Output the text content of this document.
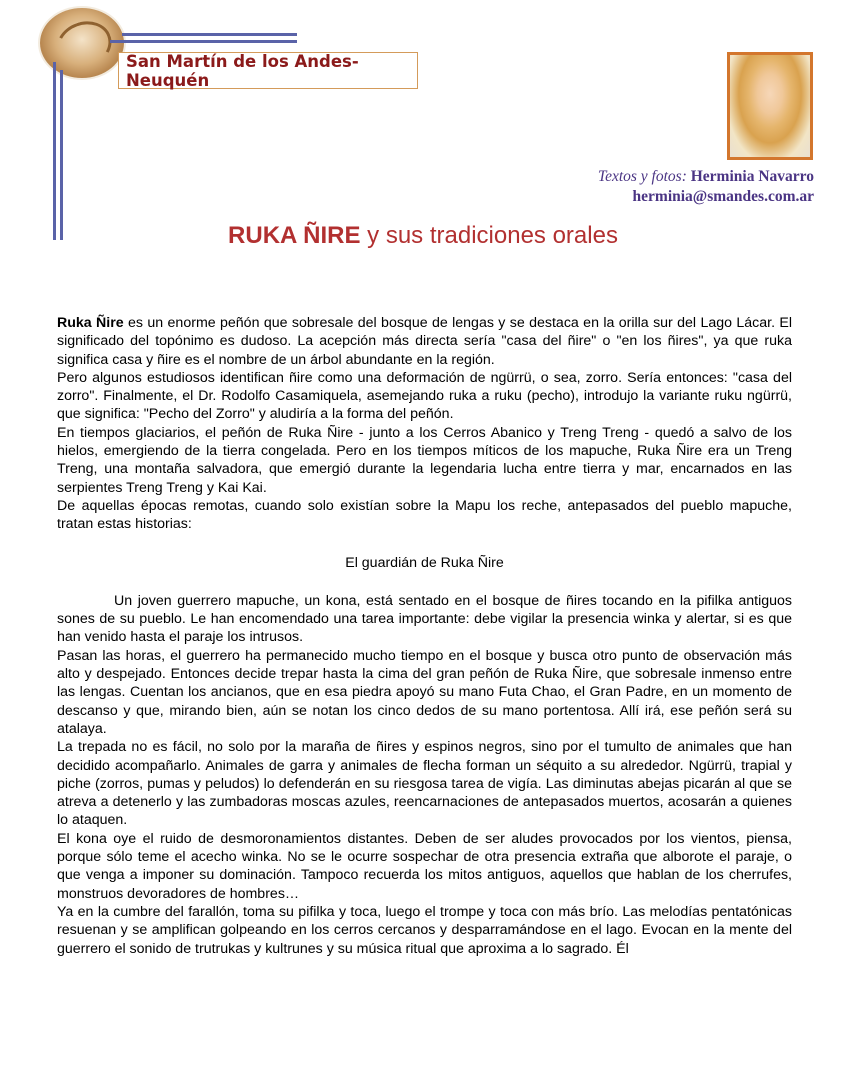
San Martín de los Andes-Neuquén
Textos y fotos: Herminia Navarro
herminia@smandes.com.ar
RUKA ÑIRE y sus tradiciones orales

Ruka Ñire es un enorme peñón que sobresale del bosque de lengas y se destaca en la orilla sur del Lago Lácar. El significado del topónimo es dudoso. La acepción más directa sería "casa del ñire" o "en los ñires", ya que ruka significa casa y ñire es el nombre de un árbol abundante en la región.

Pero algunos estudiosos identifican ñire como una deformación de ngürrü, o sea, zorro. Sería entonces: "casa del zorro". Finalmente, el Dr. Rodolfo Casamiquela, asemejando ruka a ruku (pecho), introdujo la variante ruku ngürrü, que significa: "Pecho del Zorro" y aludiría a la forma del peñón.

En tiempos glaciarios, el peñón de Ruka Ñire - junto a los Cerros Abanico y Treng Treng - quedó a salvo de los hielos, emergiendo de la tierra congelada. Pero en los tiempos míticos de los mapuche, Ruka Ñire era un Treng Treng, una montaña salvadora, que emergió durante la legendaria lucha entre tierra y mar, encarnados en las serpientes Treng Treng y Kai Kai.

De aquellas épocas remotas, cuando solo existían sobre la Mapu los reche, antepasados del pueblo mapuche, tratan estas historias:

El guardián de Ruka Ñire

Un joven guerrero mapuche, un kona, está sentado en el bosque de ñires tocando en la pifilka antiguos sones de su pueblo. Le han encomendado una tarea importante: debe vigilar la presencia winka y alertar, si es que han venido hasta el paraje los intrusos.

Pasan las horas, el guerrero ha permanecido mucho tiempo en el bosque y busca otro punto de observación más alto y despejado. Entonces decide trepar hasta la cima del gran peñón de Ruka Ñire, que sobresale inmenso entre las lengas. Cuentan los ancianos, que en esa piedra apoyó su mano Futa Chao, el Gran Padre, en un momento de descanso y que, mirando bien, aún se notan los cinco dedos de su mano portentosa. Allí irá, ese peñón será su atalaya.

La trepada no es fácil, no solo por la maraña de ñires y espinos negros, sino por el tumulto de animales que han decidido acompañarlo. Animales de garra y animales de flecha forman un séquito a su alrededor. Ngürrü, trapial y piche (zorros, pumas y peludos) lo defenderán en su riesgosa tarea de vigía. Las diminutas abejas picarán al que se atreva a detenerlo y las zumbadoras moscas azules, reencarnaciones de antepasados muertos, acosarán a quienes lo ataquen.

El kona oye el ruido de desmoronamientos distantes. Deben de ser aludes provocados por los vientos, piensa, porque sólo teme el acecho winka. No se le ocurre sospechar de otra presencia extraña que alborote el paraje, o que venga a imponer su dominación. Tampoco recuerda los mitos antiguos, aquellos que hablan de los cherrufes, monstruos devoradores de hombres…

Ya en la cumbre del farallón, toma su pifilka y toca, luego el trompe y toca con más brío. Las melodías pentatónicas resuenan y se amplifican golpeando en los cerros cercanos y desparramándose en el lago. Evocan en la mente del guerrero el sonido de trutrukas y kultrunes y su música ritual que aproxima a lo sagrado. Él
